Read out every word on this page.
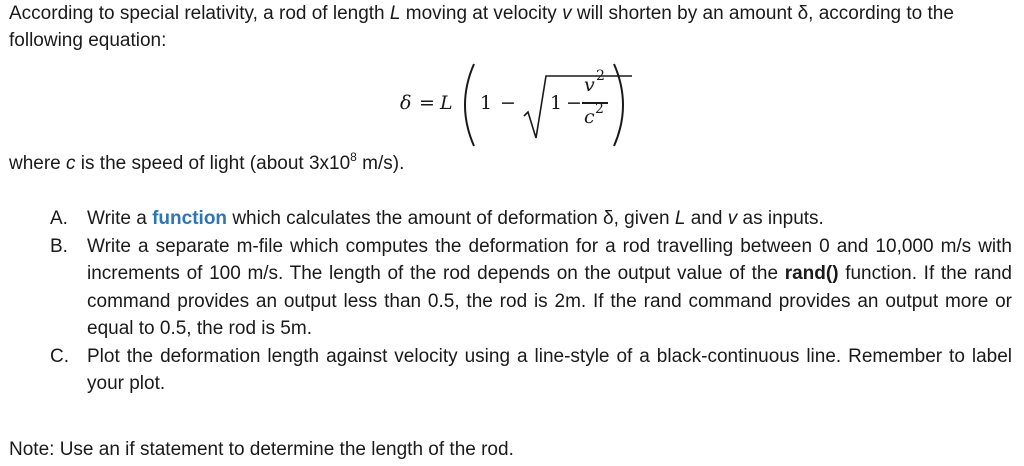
According to special relativity, a rod of length L moving at velocity v will shorten by an amount δ, according to the following equation:
δ = L 1 − 1 −
v 2
c 2
where c is the speed of light (about $3x10^8$ m/s).
A.	Write a function which calculates the amount of deformation δ, given L and v as inputs.
B.	Write a separate m-file which computes the deformation for a rod travelling between 0 and 10,000 m/s with increments of 100 m/s. The length of the rod depends on the output value of the rand() function. If the rand command provides an output less than 0.5, the rod is 2m. If the rand command provides an output more or equal to 0.5, the rod is 5m.
C. Plot the deformation length against velocity using a line-style of a black-continuous line. Remember to label your plot.
Note: Use an if statement to determine the length of the rod.
